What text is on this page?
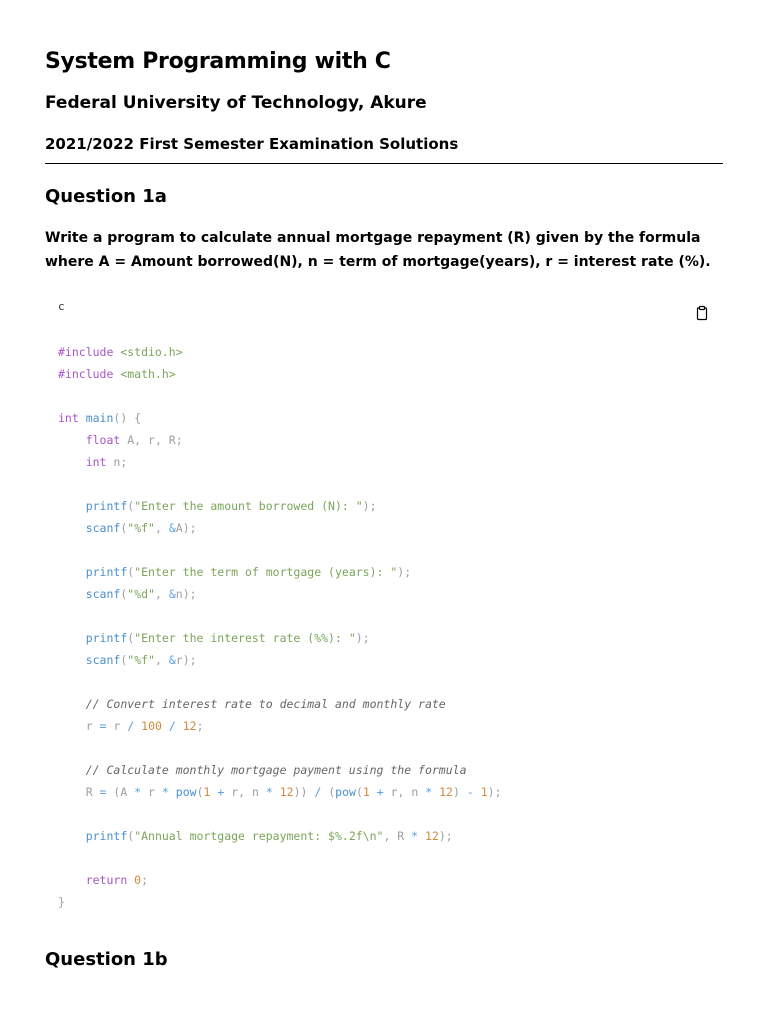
System Programming with C
Federal University of Technology, Akure
2021/2022 First Semester Examination Solutions
Question 1a

Write a program to calculate annual mortgage repayment (R) given by the formula where A = Amount borrowed(N), n = term of mortgage(years), r = interest rate (%).

c
#include <stdio.h>
#include <math.h>

int main() {
float A, r, R;
int n;

printf("Enter the amount borrowed (N): ");
scanf("%f", &A);

printf("Enter the term of mortgage (years): ");
scanf("%d", &n);

printf("Enter the interest rate (%%): ");
scanf("%f", &r);

// Convert interest rate to decimal and monthly rate
r = r / 100 / 12;

// Calculate monthly mortgage payment using the formula
R = (A * r * pow(1 + r, n * 12)) / (pow(1 + r, n * 12) - 1);

printf("Annual mortgage repayment: $%.2f\n", R * 12);

return 0;
}

Question 1b
